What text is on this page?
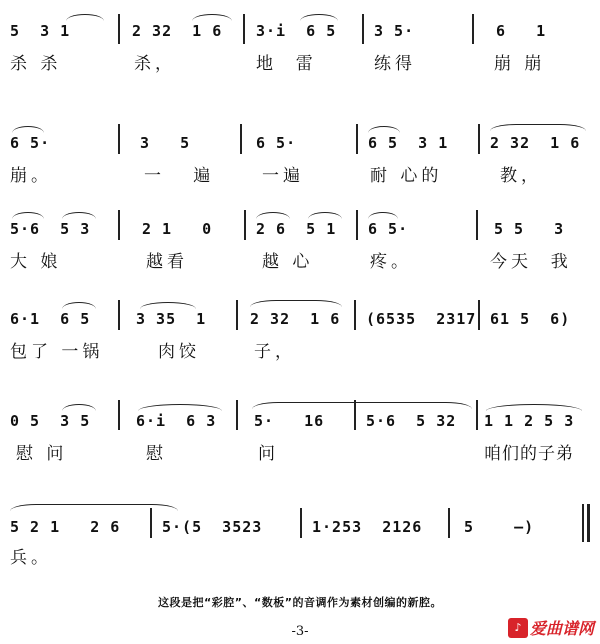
5  3 1	2 32  1 6 3·i  6 5	3 5·	6   1
杀 杀	杀，	地  雷	练得	崩 崩
6 5·	3   5	6 5·	6 5  3 1	2 32  1 6
崩。	一   遍	一遍	耐 心的	教，
5·6  5 3	2 1   0	2 6  5 1 6 5·	5 5   3
大 娘	越看	越 心	疼。	今天  我
6·1  6 5	3 35  1	2 32  1 6 (6535  2317 61 5  6)
包了 一锅	肉饺	子，
0 5  3 5	6·i  6 3	5·   16	5·6  5 32 1 1 2 5 3
慰 问	慰	问	咱们的子弟
5 2 1   2 6	5·(5  3523	1·253  2126	5    —)
兵。
这段是把“彩腔”、“数板”的音调作为素材创编的新腔。
-3-	♪ 爱曲谱网
